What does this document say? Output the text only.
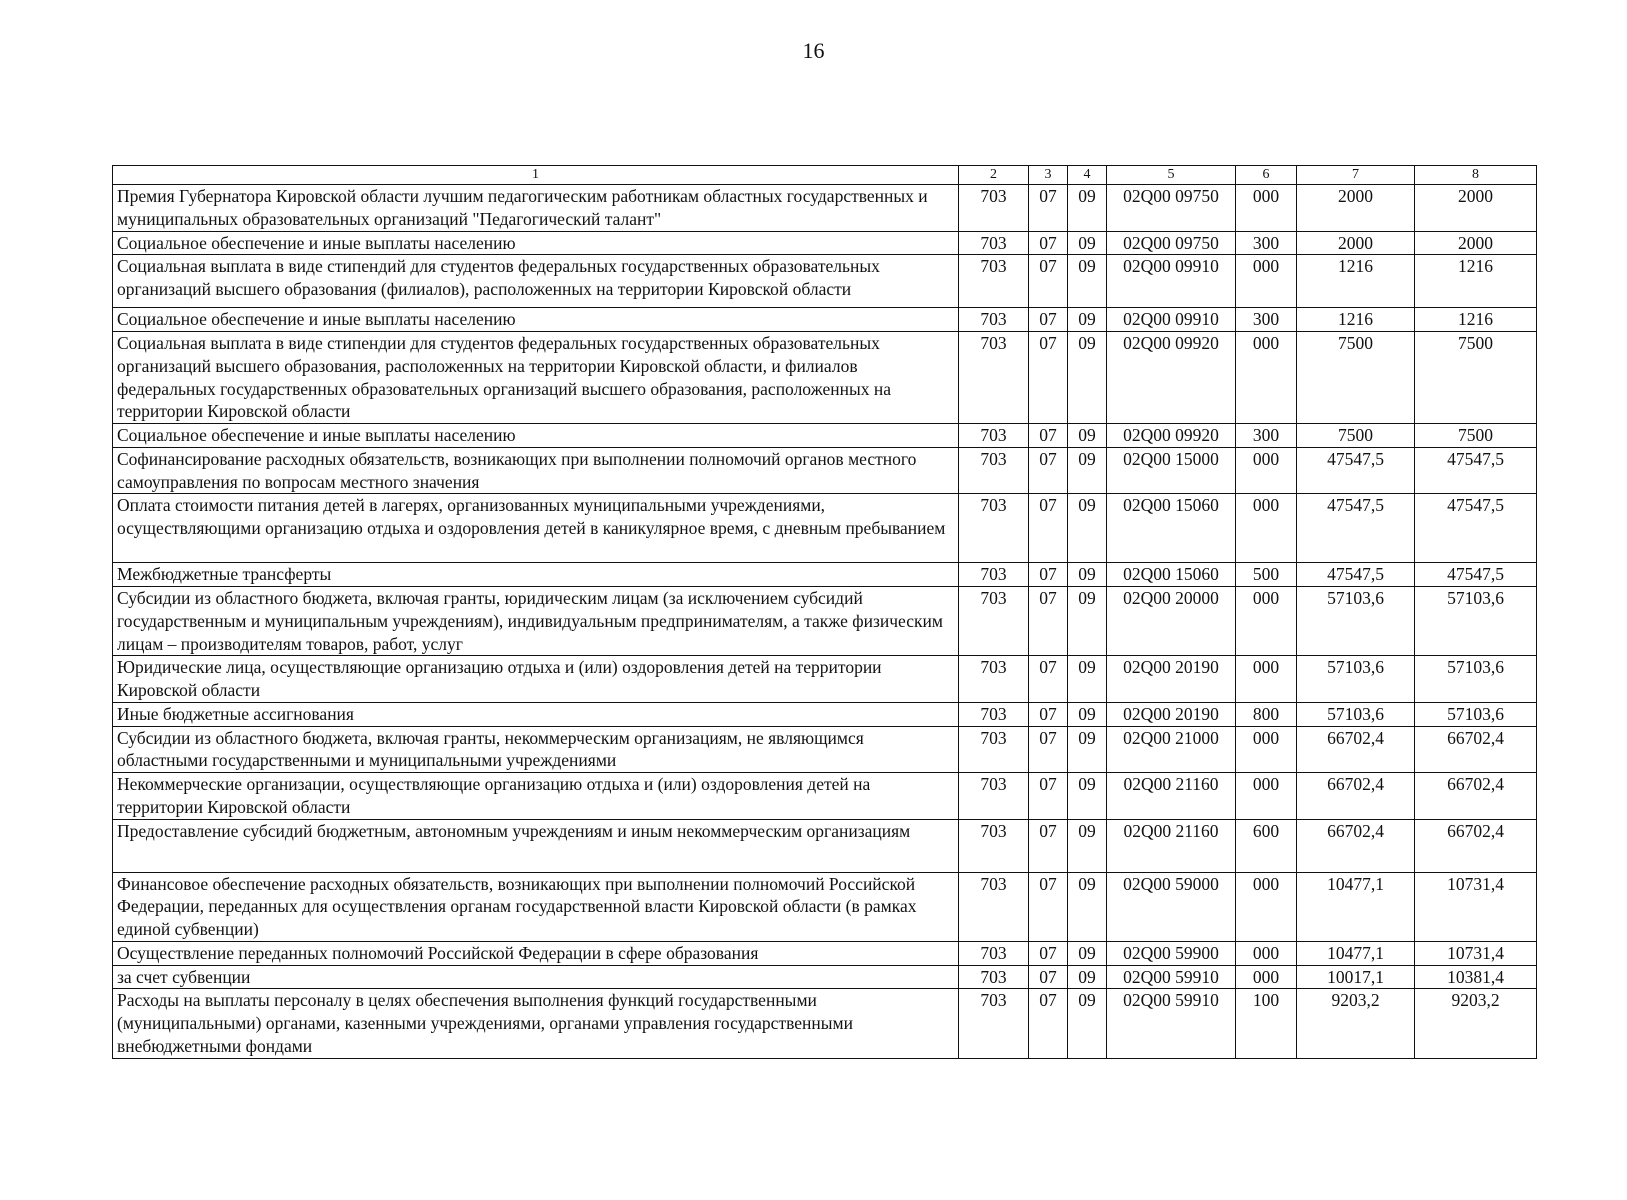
16
1	2	3	4	5	6	7	8
Премия Губернатора Кировской области лучшим педагогическим работникам областных государственных и муниципальных образовательных организаций "Педагогический талант"	703	07	09	02Q00 09750	000	2000	2000
Социальное обеспечение и иные выплаты населению	703	07	09	02Q00 09750	300	2000	2000
Социальная выплата в виде стипендий для студентов федеральных государственных образовательных организаций высшего образования (филиалов), расположенных на территории Кировской области	703	07	09	02Q00 09910	000	1216	1216
Социальное обеспечение и иные выплаты населению	703	07	09	02Q00 09910	300	1216	1216
Социальная выплата в виде стипендии для студентов федеральных государственных образовательных организаций высшего образования, расположенных на территории Кировской области, и филиалов федеральных государственных образовательных организаций высшего образования, расположенных на территории Кировской области	703	07	09	02Q00 09920	000	7500	7500
Социальное обеспечение и иные выплаты населению	703	07	09	02Q00 09920	300	7500	7500
Софинансирование расходных обязательств, возникающих при выполнении полномочий органов местного самоуправления по вопросам местного значения	703	07	09	02Q00 15000	000	47547,5	47547,5
Оплата стоимости питания детей в лагерях, организованных муниципальными учреждениями, осуществляющими организацию отдыха и оздоровления детей в каникулярное время, с дневным пребыванием	703	07	09	02Q00 15060	000	47547,5	47547,5
Межбюджетные трансферты	703	07	09	02Q00 15060	500	47547,5	47547,5
Субсидии из областного бюджета, включая гранты, юридическим лицам (за исключением субсидий государственным и муниципальным учреждениям), индивидуальным предпринимателям, а также физическим лицам – производителям товаров, работ, услуг	703	07	09	02Q00 20000	000	57103,6	57103,6
Юридические лица, осуществляющие организацию отдыха и (или) оздоровления детей на территории Кировской области	703	07	09	02Q00 20190	000	57103,6	57103,6
Иные бюджетные ассигнования	703	07	09	02Q00 20190	800	57103,6	57103,6
Субсидии из областного бюджета, включая гранты, некоммерческим организациям, не являющимся областными государственными и муниципальными учреждениями	703	07	09	02Q00 21000	000	66702,4	66702,4
Некоммерческие организации, осуществляющие организацию отдыха и (или) оздоровления детей на территории Кировской области	703	07	09	02Q00 21160	000	66702,4	66702,4
Предоставление субсидий бюджетным, автономным учреждениям и иным некоммерческим организациям	703	07	09	02Q00 21160	600	66702,4	66702,4
Финансовое обеспечение расходных обязательств, возникающих при выполнении полномочий Российской Федерации, переданных для осуществления органам государственной власти Кировской области (в рамках единой субвенции)	703	07	09	02Q00 59000	000	10477,1	10731,4
Осуществление переданных полномочий Российской Федерации в сфере образования	703	07	09	02Q00 59900	000	10477,1	10731,4
за счет субвенции	703	07	09	02Q00 59910	000	10017,1	10381,4
Расходы на выплаты персоналу в целях обеспечения выполнения функций государственными (муниципальными) органами, казенными учреждениями, органами управления государственными внебюджетными фондами	703	07	09	02Q00 59910	100	9203,2	9203,2
